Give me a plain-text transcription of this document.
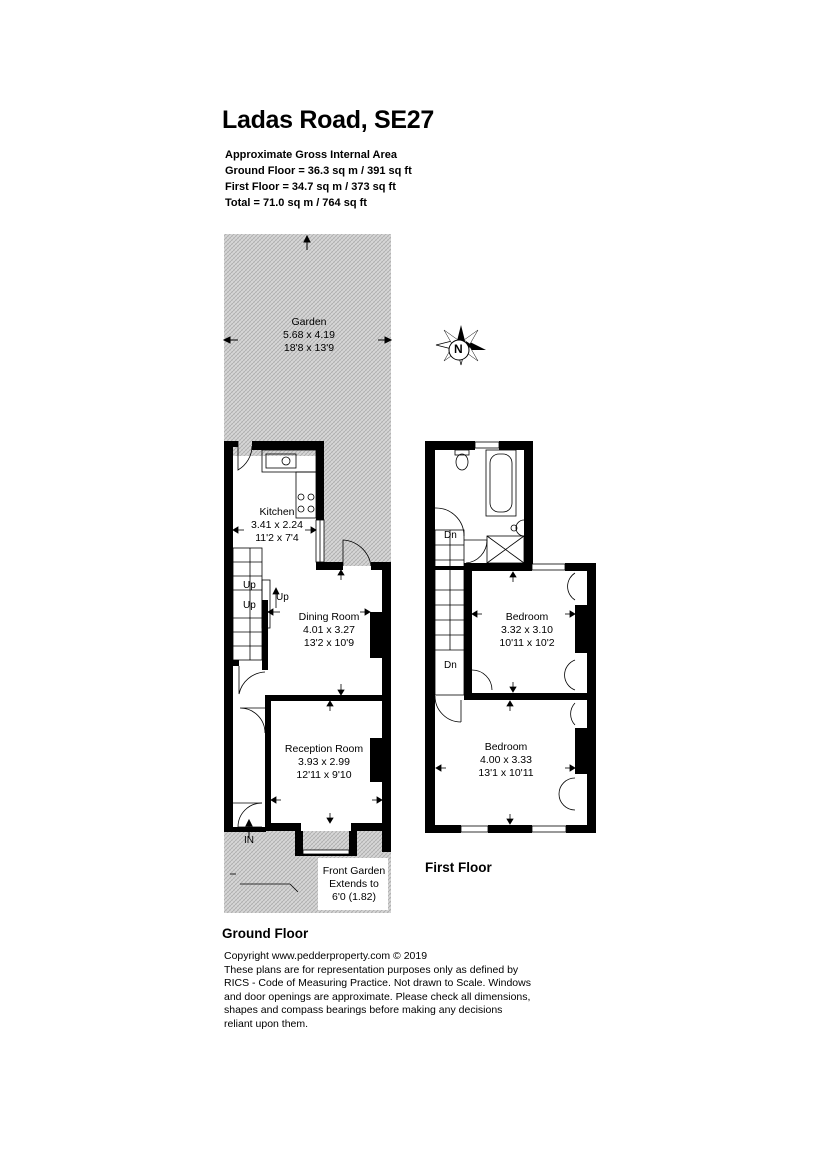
Ladas Road, SE27
Approximate Gross Internal Area
Ground Floor = 36.3 sq m / 391 sq ft
First Floor = 34.7 sq m / 373 sq ft
Total = 71.0 sq m / 764 sq ft
N
Garden
5.68 x 4.19
18'8 x 13'9
Kitchen
3.41 x 2.24
11'2 x 7'4
Dining Room
4.01 x 3.27
13'2 x 10'9
Reception Room
3.93 x 2.99
12'11 x 9'10
Front Garden
Extends to
6'0 (1.82)
Up
Up
Up
Dn
Dn
IN
Bedroom
3.32 x 3.10
10'11 x 10'2
Bedroom
4.00 x 3.33
13'1 x 10'11
First Floor
Ground Floor
Copyright www.pedderproperty.com © 2019
These plans are for representation purposes only as defined by
RICS - Code of Measuring Practice. Not drawn to Scale. Windows
and door openings are approximate. Please check all dimensions,
shapes and compass bearings before making any decisions
reliant upon them.
